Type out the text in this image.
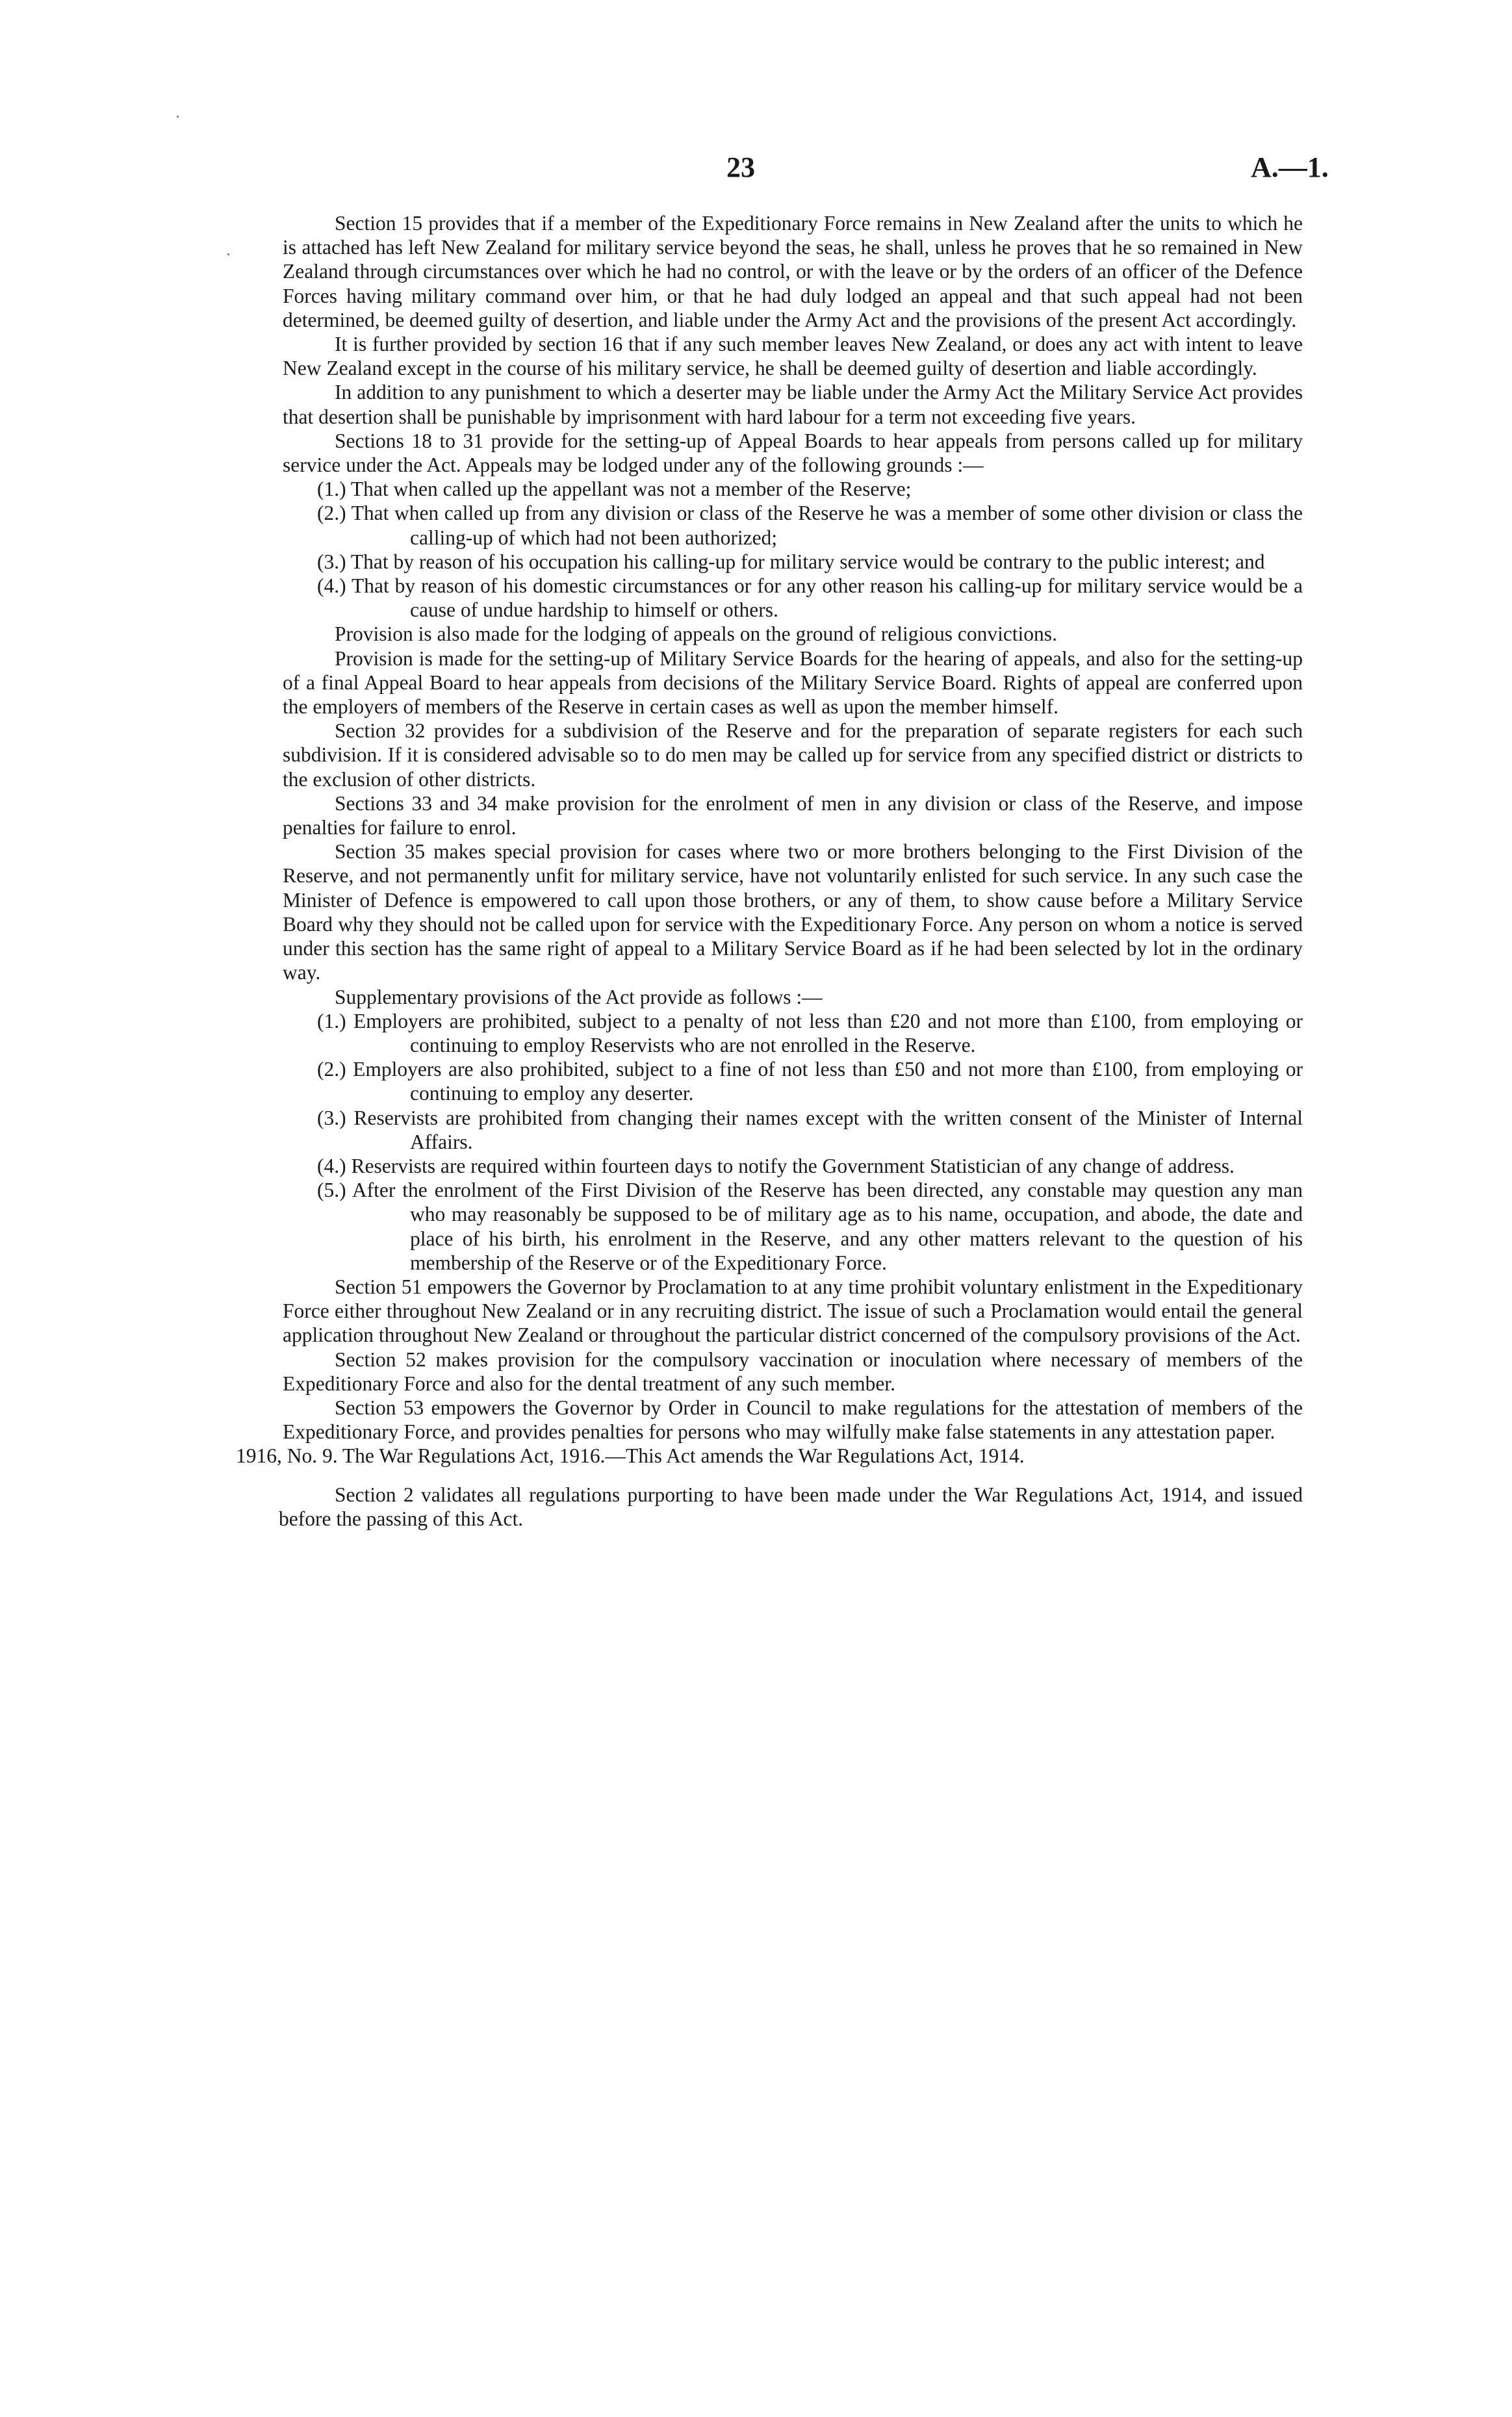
23	A.—1.

Section 15 provides that if a member of the Expeditionary Force remains in New Zealand after the units to which he is attached has left New Zealand for military service beyond the seas, he shall, unless he proves that he so remained in New Zealand through circumstances over which he had no control, or with the leave or by the orders of an officer of the Defence Forces having military command over him, or that he had duly lodged an appeal and that such appeal had not been determined, be deemed guilty of desertion, and liable under the Army Act and the provisions of the present Act accordingly.

It is further provided by section 16 that if any such member leaves New Zealand, or does any act with intent to leave New Zealand except in the course of his military service, he shall be deemed guilty of desertion and liable accordingly.

In addition to any punishment to which a deserter may be liable under the Army Act the Military Service Act provides that desertion shall be punishable by imprisonment with hard labour for a term not exceeding five years.

Sections 18 to 31 provide for the setting-up of Appeal Boards to hear appeals from persons called up for military service under the Act. Appeals may be lodged under any of the following grounds :—

(1.) That when called up the appellant was not a member of the Reserve;

(2.) That when called up from any division or class of the Reserve he was a member of some other division or class the calling-up of which had not been authorized;

(3.) That by reason of his occupation his calling-up for military service would be contrary to the public interest; and

(4.) That by reason of his domestic circumstances or for any other reason his calling-up for military service would be a cause of undue hardship to himself or others.

Provision is also made for the lodging of appeals on the ground of religious convictions.

Provision is made for the setting-up of Military Service Boards for the hearing of appeals, and also for the setting-up of a final Appeal Board to hear appeals from decisions of the Military Service Board. Rights of appeal are conferred upon the employers of members of the Reserve in certain cases as well as upon the member himself.

Section 32 provides for a subdivision of the Reserve and for the preparation of separate registers for each such subdivision. If it is considered advisable so to do men may be called up for service from any specified district or districts to the exclusion of other districts.

Sections 33 and 34 make provision for the enrolment of men in any division or class of the Reserve, and impose penalties for failure to enrol.

Section 35 makes special provision for cases where two or more brothers belonging to the First Division of the Reserve, and not permanently unfit for military service, have not voluntarily enlisted for such service. In any such case the Minister of Defence is empowered to call upon those brothers, or any of them, to show cause before a Military Service Board why they should not be called upon for service with the Expeditionary Force. Any person on whom a notice is served under this section has the same right of appeal to a Military Service Board as if he had been selected by lot in the ordinary way.

Supplementary provisions of the Act provide as follows :—

(1.) Employers are prohibited, subject to a penalty of not less than £20 and not more than £100, from employing or continuing to employ Reservists who are not enrolled in the Reserve.

(2.) Employers are also prohibited, subject to a fine of not less than £50 and not more than £100, from employing or continuing to employ any deserter.

(3.) Reservists are prohibited from changing their names except with the written consent of the Minister of Internal Affairs.

(4.) Reservists are required within fourteen days to notify the Government Statistician of any change of address.

(5.) After the enrolment of the First Division of the Reserve has been directed, any constable may question any man who may reasonably be supposed to be of military age as to his name, occupation, and abode, the date and place of his birth, his enrolment in the Reserve, and any other matters relevant to the question of his membership of the Reserve or of the Expeditionary Force.

Section 51 empowers the Governor by Proclamation to at any time prohibit voluntary enlistment in the Expeditionary Force either throughout New Zealand or in any recruiting district. The issue of such a Proclamation would entail the general application throughout New Zealand or throughout the particular district concerned of the compulsory provisions of the Act.

Section 52 makes provision for the compulsory vaccination or inoculation where necessary of members of the Expeditionary Force and also for the dental treatment of any such member.

Section 53 empowers the Governor by Order in Council to make regulations for the attestation of members of the Expeditionary Force, and provides penalties for persons who may wilfully make false statements in any attestation paper.

1916, No. 9. The War Regulations Act, 1916.—This Act amends the War Regulations Act, 1914.

Section 2 validates all regulations purporting to have been made under the War Regulations Act, 1914, and issued before the passing of this Act.
